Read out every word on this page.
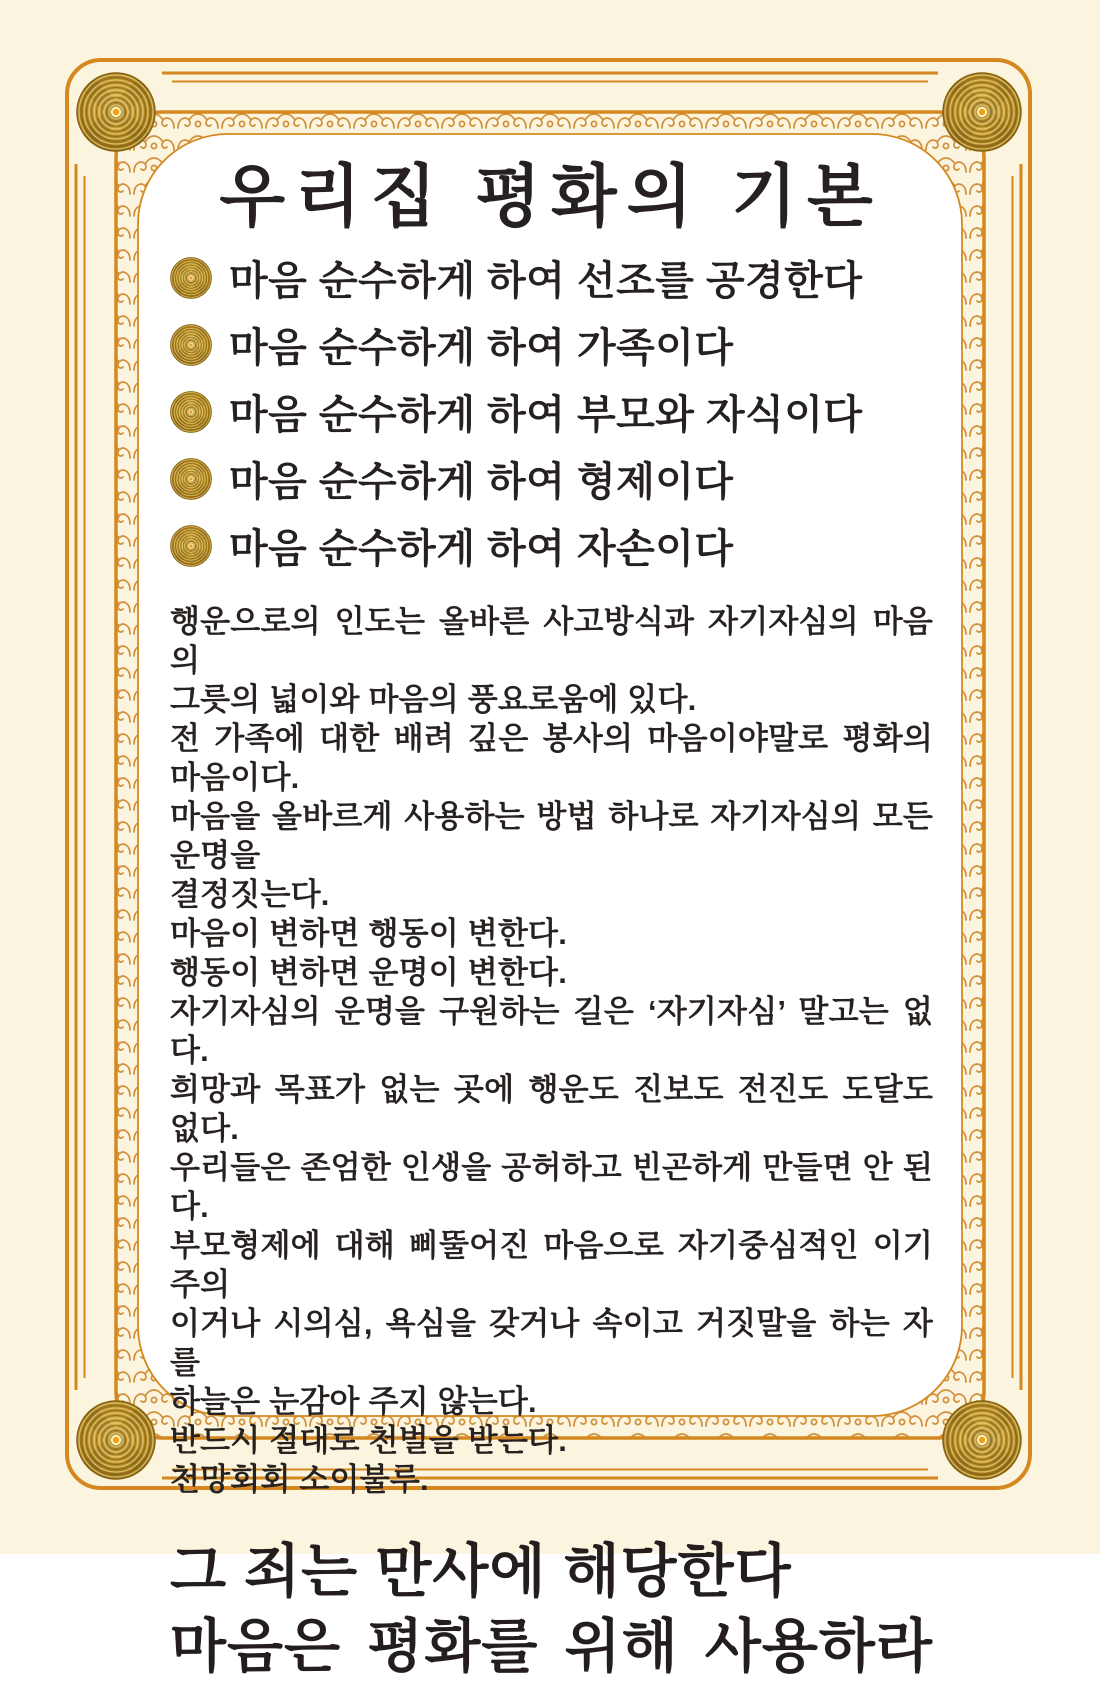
우리집 평화의 기본
마음 순수하게 하여 선조를 공경한다
마음 순수하게 하여 가족이다
마음 순수하게 하여 부모와 자식이다
마음 순수하게 하여 형제이다
마음 순수하게 하여 자손이다
행운으로의 인도는 올바른 사고방식과 자기자심의 마음의
그릇의 넓이와 마음의 풍요로움에 있다.
전 가족에 대한 배려 깊은 봉사의 마음이야말로 평화의 마음이다.
마음을 올바르게 사용하는 방법 하나로 자기자심의 모든 운명을
결정짓는다.
마음이 변하면 행동이 변한다.
행동이 변하면 운명이 변한다.
자기자심의 운명을 구원하는 길은 ‘자기자심’ 말고는 없다.
희망과 목표가 없는 곳에 행운도 진보도 전진도 도달도 없다.
우리들은 존엄한 인생을 공허하고 빈곤하게 만들면 안 된다.
부모형제에 대해 삐뚤어진 마음으로 자기중심적인 이기주의
이거나 시의심, 욕심을 갖거나 속이고 거짓말을 하는 자를
하늘은 눈감아 주지 않는다.
반드시 절대로 천벌을 받는다.
천망회회 소이불루.
그 죄는 만사에 해당한다
마음은 평화를 위해 사용하라
